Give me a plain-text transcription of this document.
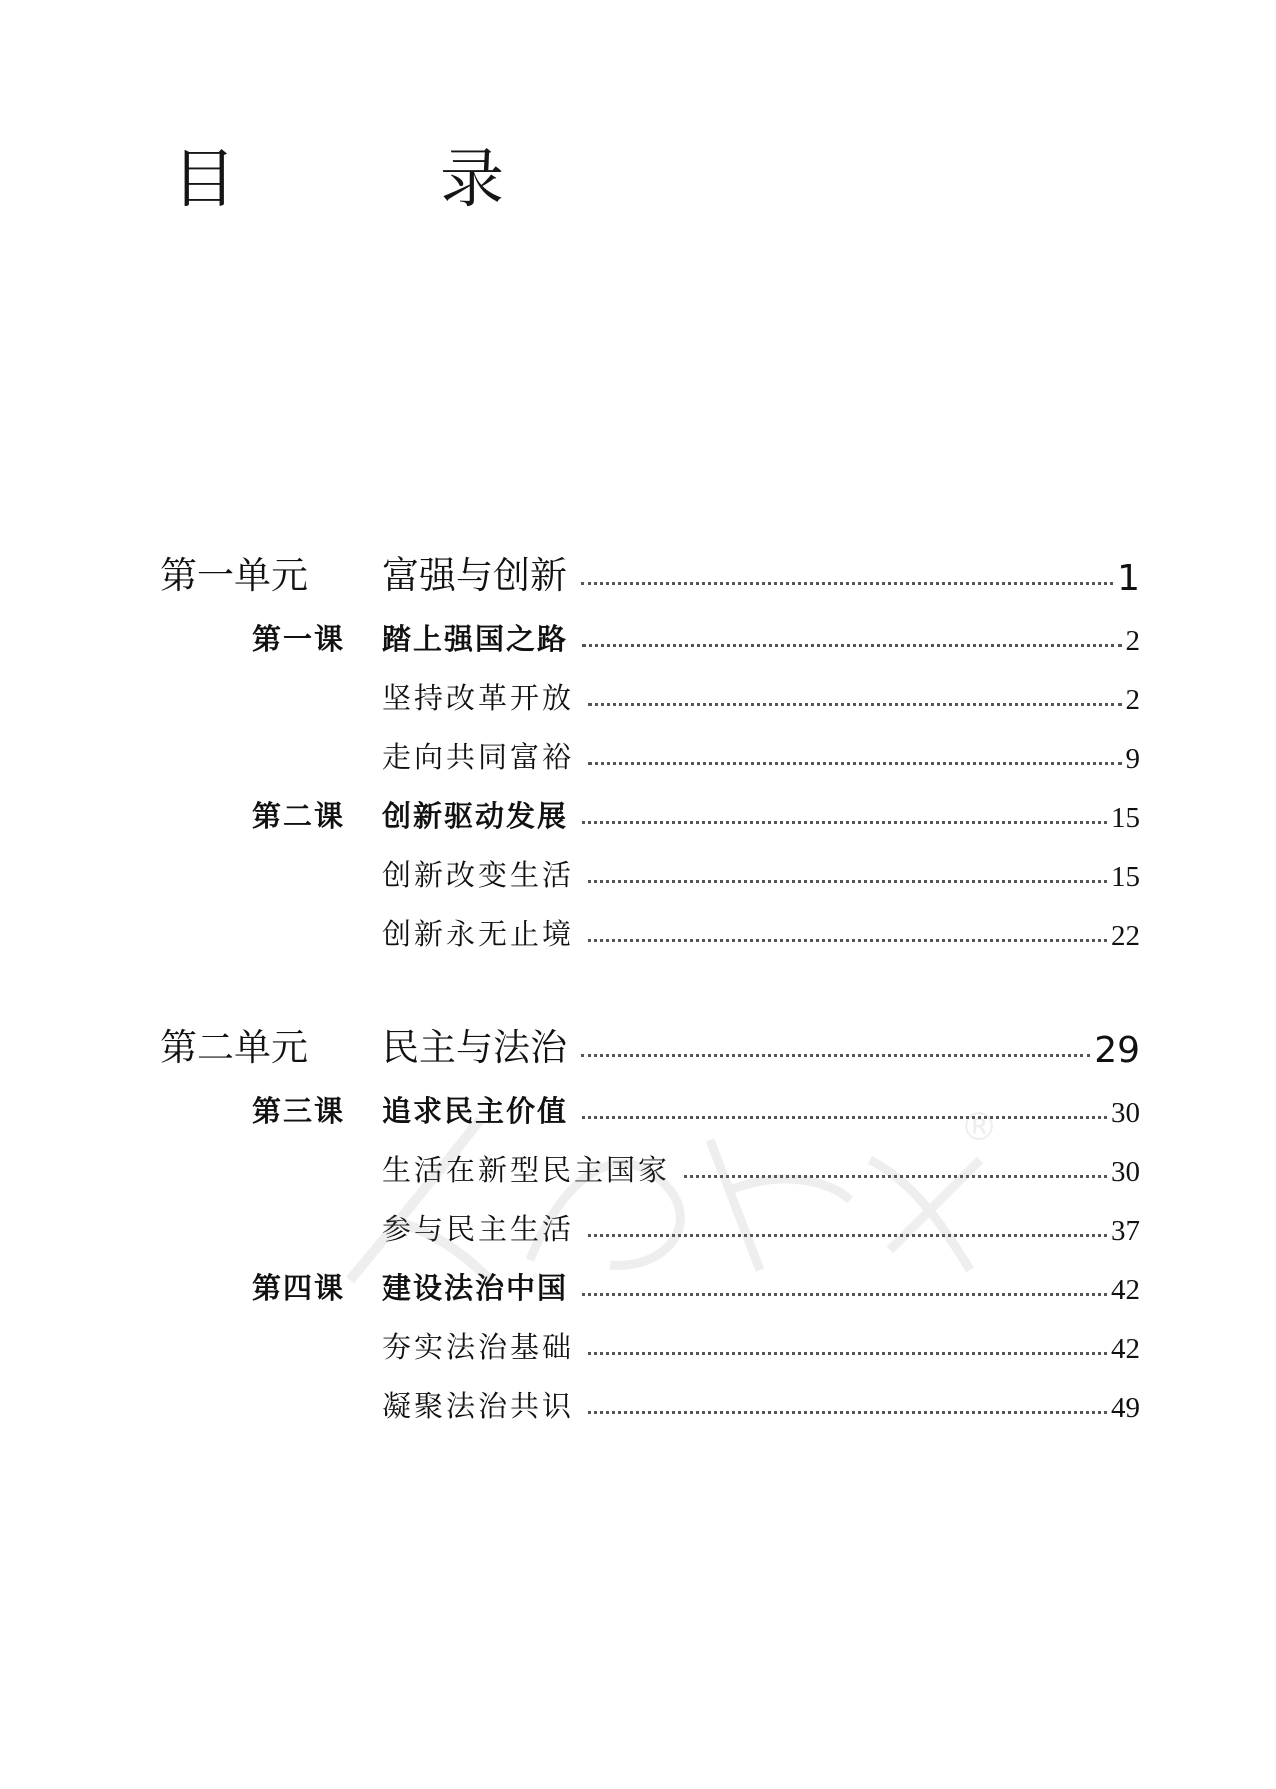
目　录
第一单元	富强与创新	1
第一课	踏上强国之路	2
坚持改革开放	2
走向共同富裕	9
第二课	创新驱动发展	15
创新改变生活	15
创新永无止境	22
第二单元	民主与法治	29
第三课	追求民主价值	30
生活在新型民主国家	30
参与民主生活	37
第四课	建设法治中国	42
夯实法治基础	42
凝聚法治共识	49
®
